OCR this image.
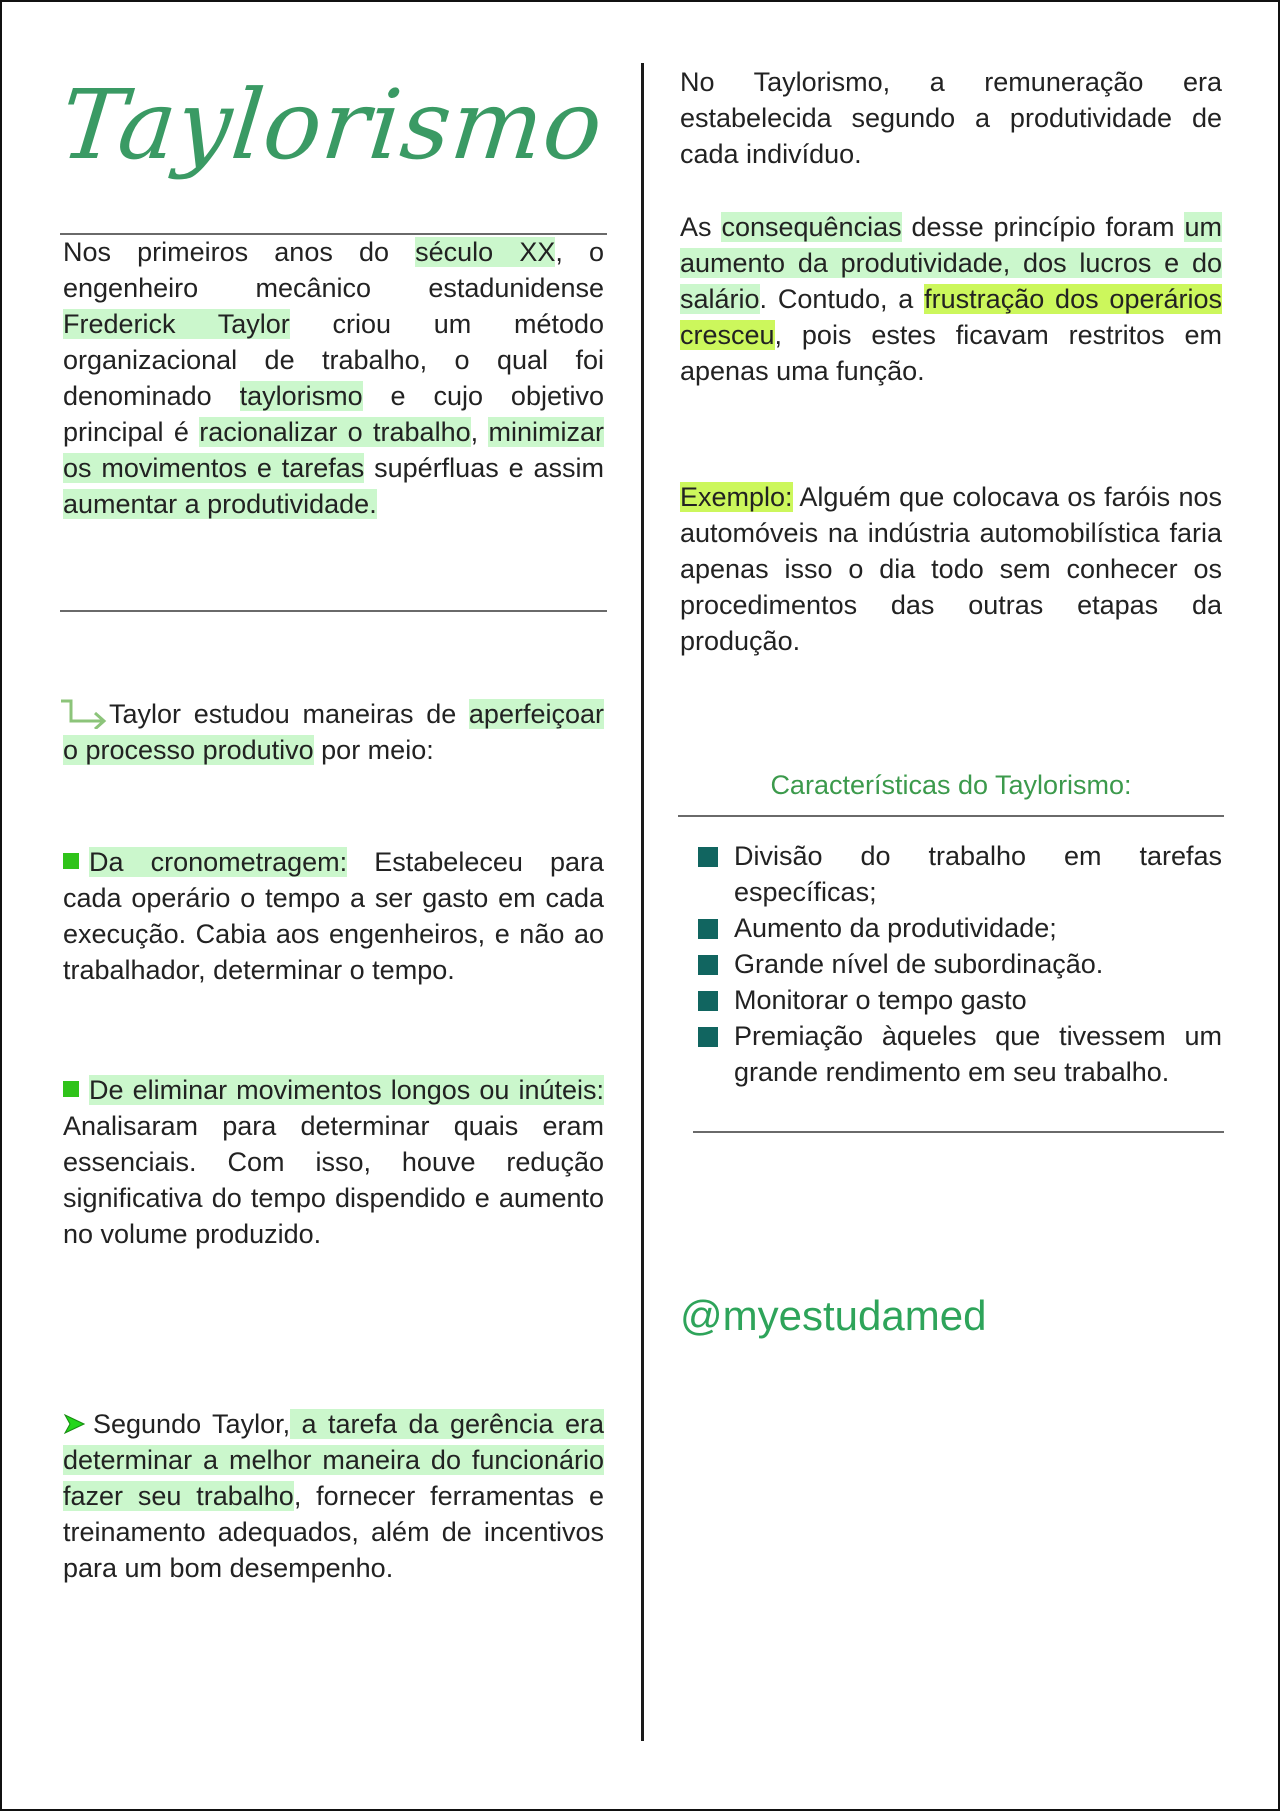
Taylorismo
Nos primeiros anos do século XX, o engenheiro mecânico estadunidense Frederick Taylor criou um método organizacional de trabalho, o qual foi denominado taylorismo e cujo objetivo principal é racionalizar o trabalho, minimizar os movimentos e tarefas supérfluas e assim aumentar a produtividade.
Taylor estudou maneiras de aperfeiçoar o processo produtivo por meio:
Da cronometragem: Estabeleceu para cada operário o tempo a ser gasto em cada execução. Cabia aos engenheiros, e não ao trabalhador, determinar o tempo.
De eliminar movimentos longos ou inúteis: Analisaram para determinar quais eram essenciais. Com isso, houve redução significativa do tempo dispendido e aumento no volume produzido.
Segundo Taylor, a tarefa da gerência era determinar a melhor maneira do funcionário fazer seu trabalho, fornecer ferramentas e treinamento adequados, além de incentivos para um bom desempenho.
No Taylorismo, a remuneração era estabelecida segundo a produtividade de cada indivíduo.
As consequências desse princípio foram um aumento da produtividade, dos lucros e do salário. Contudo, a frustração dos operários cresceu, pois estes ficavam restritos em apenas uma função.
Exemplo: Alguém que colocava os faróis nos automóveis na indústria automobilística faria apenas isso o dia todo sem conhecer os procedimentos das outras etapas da produção.
Características do Taylorismo:
Divisão do trabalho em tarefas específicas;
Aumento da produtividade;
Grande nível de subordinação.
Monitorar o tempo gasto
Premiação àqueles que tivessem um grande rendimento em seu trabalho.
@myestudamed
